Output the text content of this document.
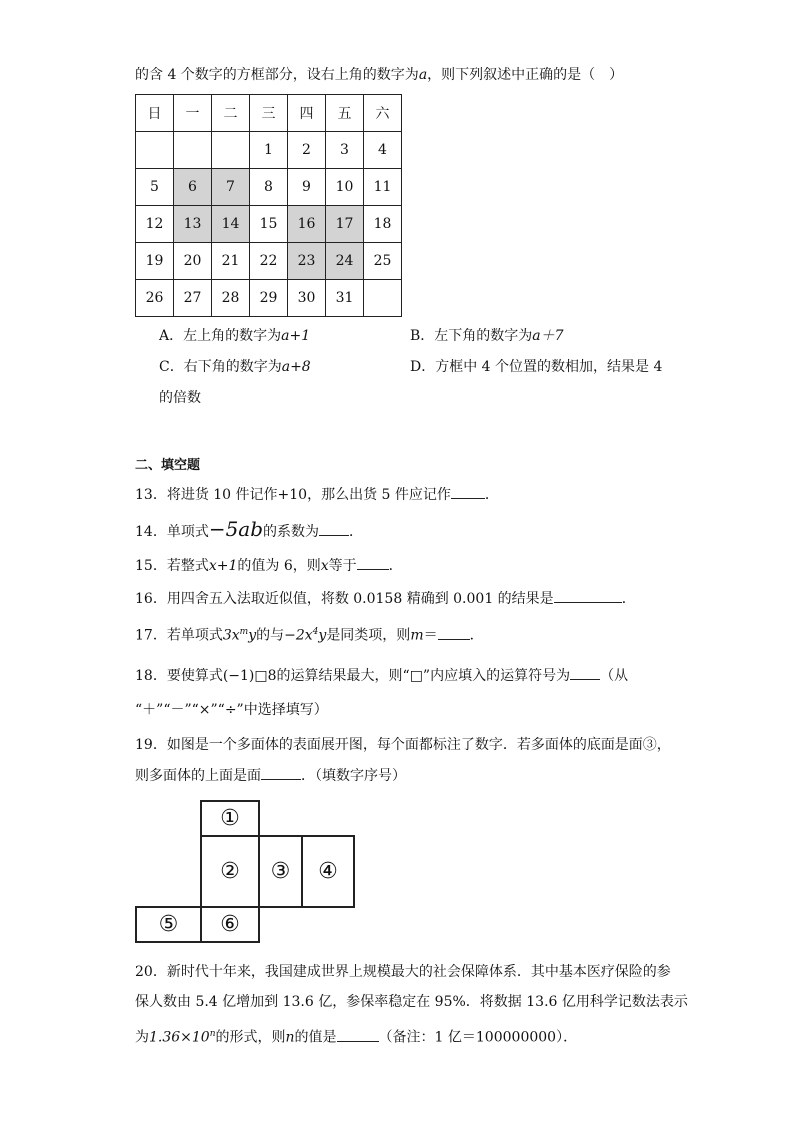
的含 4 个数字的方框部分，设右上角的数字为a，则下列叙述中正确的是（　）
日	一	二	三	四	五	六
			1	2	3	4
5	6	7	8	9	10	11
12	13	14	15	16	17	18
19	20	21	22	23	24	25
26	27	28	29	30	31	
A．左上角的数字为a+1	B．左下角的数字为a＋7
C．右下角的数字为a+8	D．方框中 4 个位置的数相加，结果是 4
的倍数
二、填空题
13．将进货 10 件记作+10，那么出货 5 件应记作 ．
14．单项式−5ab的系数为 ．
15．若整式x+1的值为 6，则x等于 ．
16．用四舍五入法取近似值，将数 0.0158 精确到 0.001 的结果是	．
17．若单项式$3x^my$的与$-2x^4y$是同类项，则m＝ ．
18．要使算式(−1)□8的运算结果最大，则“□”内应填入的运算符号为 （从
“＋”“－”“×”“÷”中选择填写）
19．如图是一个多面体的表面展开图，每个面都标注了数字．若多面体的底面是面③，
则多面体的上面是面	．（填数字序号）
①
②	③	④
⑤	⑥
20．新时代十年来，我国建成世界上规模最大的社会保障体系．其中基本医疗保险的参
保人数由 5.4 亿增加到 13.6 亿，参保率稳定在 95%．将数据 13.6 亿用科学记数法表示
为$1.36\times 10^n$的形式，则n的值是	（备注：1 亿＝100000000）．
